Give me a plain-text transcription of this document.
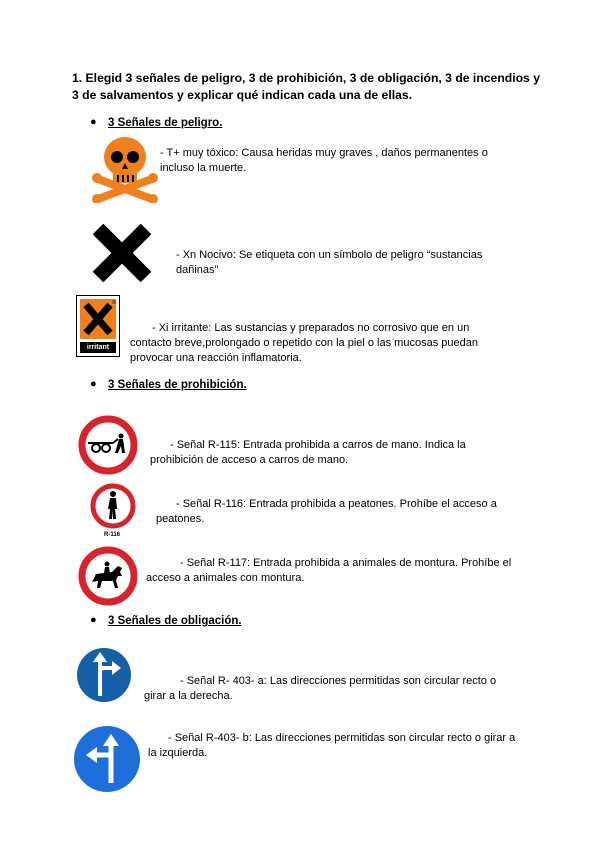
1. Elegid 3 señales de peligro, 3 de prohibición, 3 de obligación, 3 de incendios y 3 de salvamentos y explicar qué indican cada una de ellas.
● 3 Señales de peligro.
- T+ muy tóxico: Causa heridas muy graves , daños permanentes o incluso la muerte.
- Xn Nocivo: Se etiqueta con un símbolo de peligro “sustancias dañinas”
Xi
irritant
- Xi irritante: Las sustancias y preparados no corrosivo que en un contacto breve,prolongado o repetido con la piel o las mucosas puedan provocar una reacción inflamatoria.
● 3 Señales de prohibición.
- Señal R-115: Entrada prohibida a carros de mano. Indica la prohibición de acceso a carros de mano.
R-116
- Señal R-116: Entrada prohibida a peatones. Prohíbe el acceso a peatones.
- Señal R-117: Entrada prohibida a animales de montura. Prohíbe el acceso a animales con montura.
● 3 Señales de obligación.
- Señal R- 403- a: Las direcciones permitidas son circular recto o girar a la derecha.
- Señal R-403- b: Las direcciones permitidas son circular recto o girar a la izquierda.
